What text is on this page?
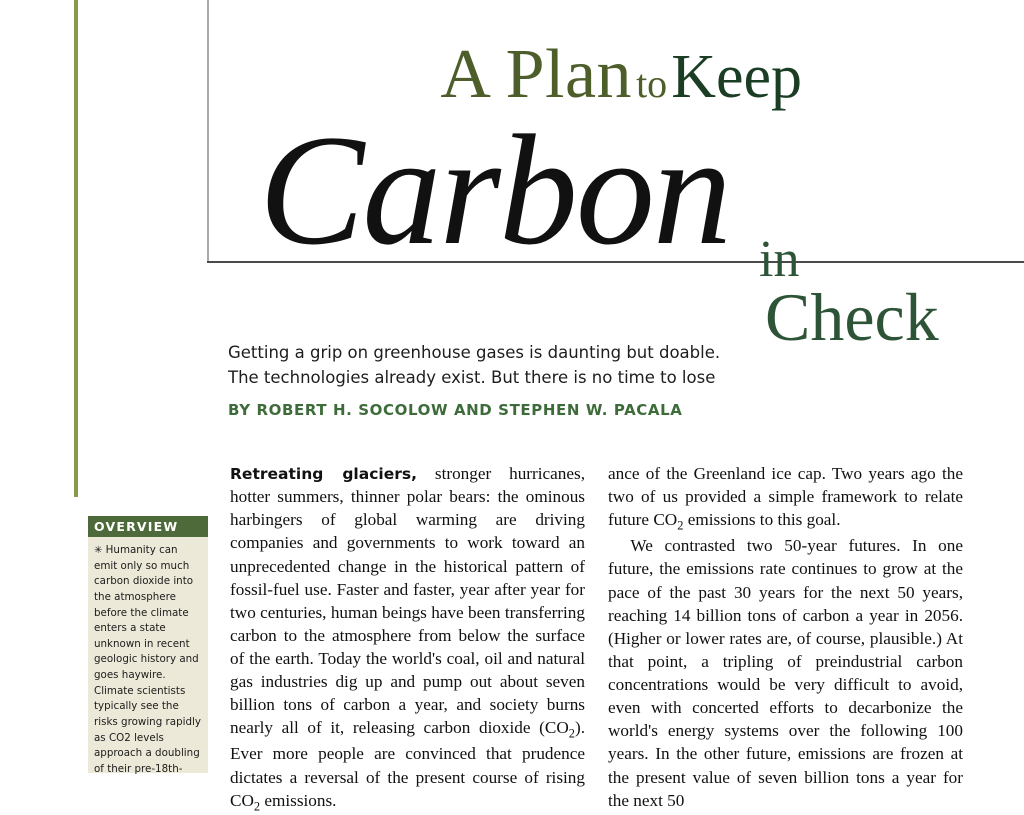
A Plan toKeep
Carbon in
Check
Getting a grip on greenhouse gases is daunting but doable.
The technologies already exist. But there is no time to lose
BY ROBERT H. SOCOLOW AND STEPHEN W. PACALA
OVERVIEW

✳ Humanity can emit only so much carbon dioxide into the atmosphere before the climate enters a state unknown in recent geologic history and goes haywire. Climate scientists typically see the risks growing rapidly as CO2 levels approach a doubling of their pre-18th-

Retreating glaciers, stronger hurricanes, hotter summers, thinner polar bears: the ominous harbingers of global warming are driving companies and governments to work toward an unprecedented change in the historical pattern of fossil-fuel use. Faster and faster, year after year for two centuries, human beings have been transferring carbon to the atmosphere from below the surface of the earth. Today the world's coal, oil and natural gas industries dig up and pump out about seven billion tons of carbon a year, and society burns nearly all of it, releasing carbon dioxide $(CO_2)$. Ever more people are convinced that prudence dictates a reversal of the present course of rising $CO_2$ emissions.

ance of the Greenland ice cap. Two years ago the two of us provided a simple framework to relate future $CO_2$ emissions to this goal.

We contrasted two 50-year futures. In one future, the emissions rate continues to grow at the pace of the past 30 years for the next 50 years, reaching 14 billion tons of carbon a year in 2056. (Higher or lower rates are, of course, plausible.) At that point, a tripling of preindustrial carbon concentrations would be very difficult to avoid, even with concerted efforts to decarbonize the world's energy systems over the following 100 years. In the other future, emissions are frozen at the present value of seven billion tons a year for the next 50
